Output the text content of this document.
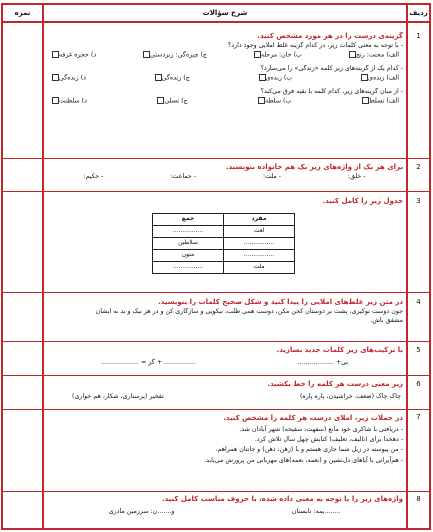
ردیف
شرح سؤالات
نمره
1
گزینه‌ی درست را در هر مورد مشخص کنید.
- با توجه به معنی کلمات زیر، در کدام گزینه غلط املایی وجود دارد؟
الف) محنت: رنج
ب) خان: مرحله
ج) چیره‌گی: زبردستی
د) حجره غرفه
- کدام یک از گزینه‌های زیر کلمه «زندگی» را می‌سازد؟
الف) زنده‌ی
ب) زنده‌ی
ج) زنده‌گی
د) زنده‌گی
- از میان گزینه‌های زیر، کدام کلمه با بقیه فرق می‌کند؟
الف) تسلط
ب) سلطه
ج) تسلی
د) سلطنت
2
برای هر یک از واژه‌های زیر یک هم خانواده بنویسید.
- خلق:
- ملت:
- جماعت:
- حکیم:
3
جدول زیر را کامل کنید.
مفرد	جمع
لغت	................
................	سلاطین
................	متون
ملت	................
4
در متن زیر غلط‌های املایی را پیدا کنید و شکل صحیح کلمات را بنویسید.
جون دوست نوکیری، پشت بر دوستان کجن مکن، دوست همی‌ طلب، نیکویی و سازگاری کن و در هر نیک و بد به ایشان
مشفق باش.
5
با ترکیب‌های زیر کلمات جدید بسازید.
بی+ ..................
................ + گر = ...................
6
زیر معنی درست هر کلمه را خط بکشید.
چاک چاک (ضعف، خراشیدن، پاره پاره)
تفخیر (پرستاری، شکار، هم خواری)
7
در جملات زیر، املای درست هر کلمه را مشخص کنید.
- دریافتی با شاکری خود مانع (سفهت، سفیحه) شهر آبادان شد.
- دهخدا برای (تالیف، تعلیف) کتابش چهل سال تلاش کرد.
- من پیوسته در زیل شما جاری هستم و با (زهن، ذهن) و جانتان همراهم.
- هم‌آیرانی با آیاهای دل‌نشین و (نغمه، نعمه)های مهربانی من پرورش می‌یابد.
8
واژه‌های زیر را با توجه به معنی داده شده، با حروف مناسب کامل کنید.
........یمه: تابستان
و.......ن: سرزمین مادری
